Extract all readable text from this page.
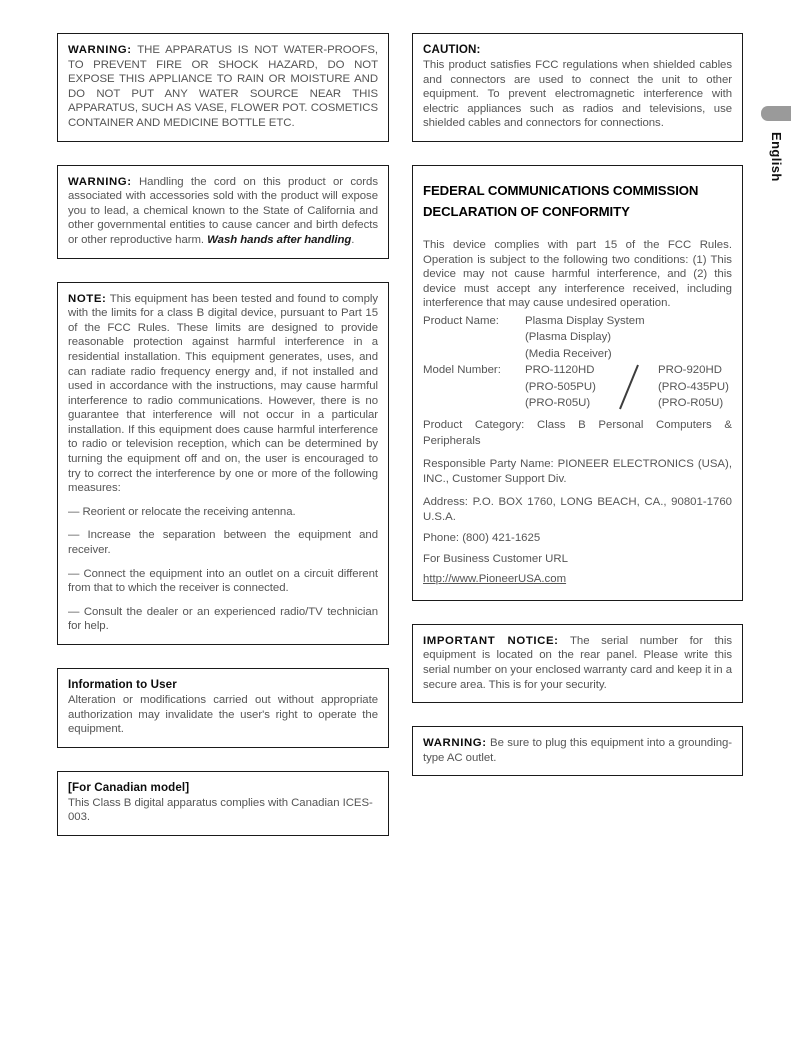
WARNING: THE APPARATUS IS NOT WATER-PROOFS, TO PREVENT FIRE OR SHOCK HAZARD, DO NOT EXPOSE THIS APPLIANCE TO RAIN OR MOISTURE AND DO NOT PUT ANY WATER SOURCE NEAR THIS APPARATUS, SUCH AS VASE, FLOWER POT. COSMETICS CONTAINER AND MEDICINE BOTTLE ETC.

WARNING: Handling the cord on this product or cords associated with accessories sold with the product will expose you to lead, a chemical known to the State of California and other governmental entities to cause cancer and birth defects or other reproductive harm. Wash hands after handling.

NOTE: This equipment has been tested and found to comply with the limits for a class B digital device, pursuant to Part 15 of the FCC Rules. These limits are designed to provide reasonable protection against harmful interference in a residential installation. This equipment generates, uses, and can radiate radio frequency energy and, if not installed and used in accordance with the instructions, may cause harmful interference to radio communications. However, there is no guarantee that interference will not occur in a particular installation. If this equipment does cause harmful interference to radio or television reception, which can be determined by turning the equipment off and on, the user is encouraged to try to correct the interference by one or more of the following measures:

— Reorient or relocate the receiving antenna.

— Increase the separation between the equipment and receiver.

— Connect the equipment into an outlet on a circuit different from that to which the receiver is connected.

— Consult the dealer or an experienced radio/TV technician for help.

Information to User

Alteration or modifications carried out without appropriate authorization may invalidate the user's right to operate the equipment.

[For Canadian model]

This Class B digital apparatus complies with Canadian ICES-003.

CAUTION:

This product satisfies FCC regulations when shielded cables and connectors are used to connect the unit to other equipment. To prevent electromagnetic interference with electric appliances such as radios and televisions, use shielded cables and connectors for connections.

FEDERAL COMMUNICATIONS COMMISSION
DECLARATION OF CONFORMITY

This device complies with part 15 of the FCC Rules. Operation is subject to the following two conditions: (1) This device may not cause harmful interference, and (2) this device must accept any interference received, including interference that may cause undesired operation.

Product Name:	Plasma Display System
(Plasma Display)
(Media Receiver)
Model Number:	PRO-1120HD
(PRO-505PU)
(PRO-R05U)
PRO-920HD
(PRO-435PU)
(PRO-R05U)

Product Category: Class B Personal Computers & Peripherals

Responsible Party Name: PIONEER ELECTRONICS (USA), INC., Customer Support Div.

Address: P.O. BOX 1760, LONG BEACH, CA., 90801-1760 U.S.A.

Phone: (800) 421-1625

For Business Customer URL

http://www.PioneerUSA.com

IMPORTANT NOTICE: The serial number for this equipment is located on the rear panel. Please write this serial number on your enclosed warranty card and keep it in a secure area. This is for your security.

WARNING: Be sure to plug this equipment into a grounding-type AC outlet.

English
